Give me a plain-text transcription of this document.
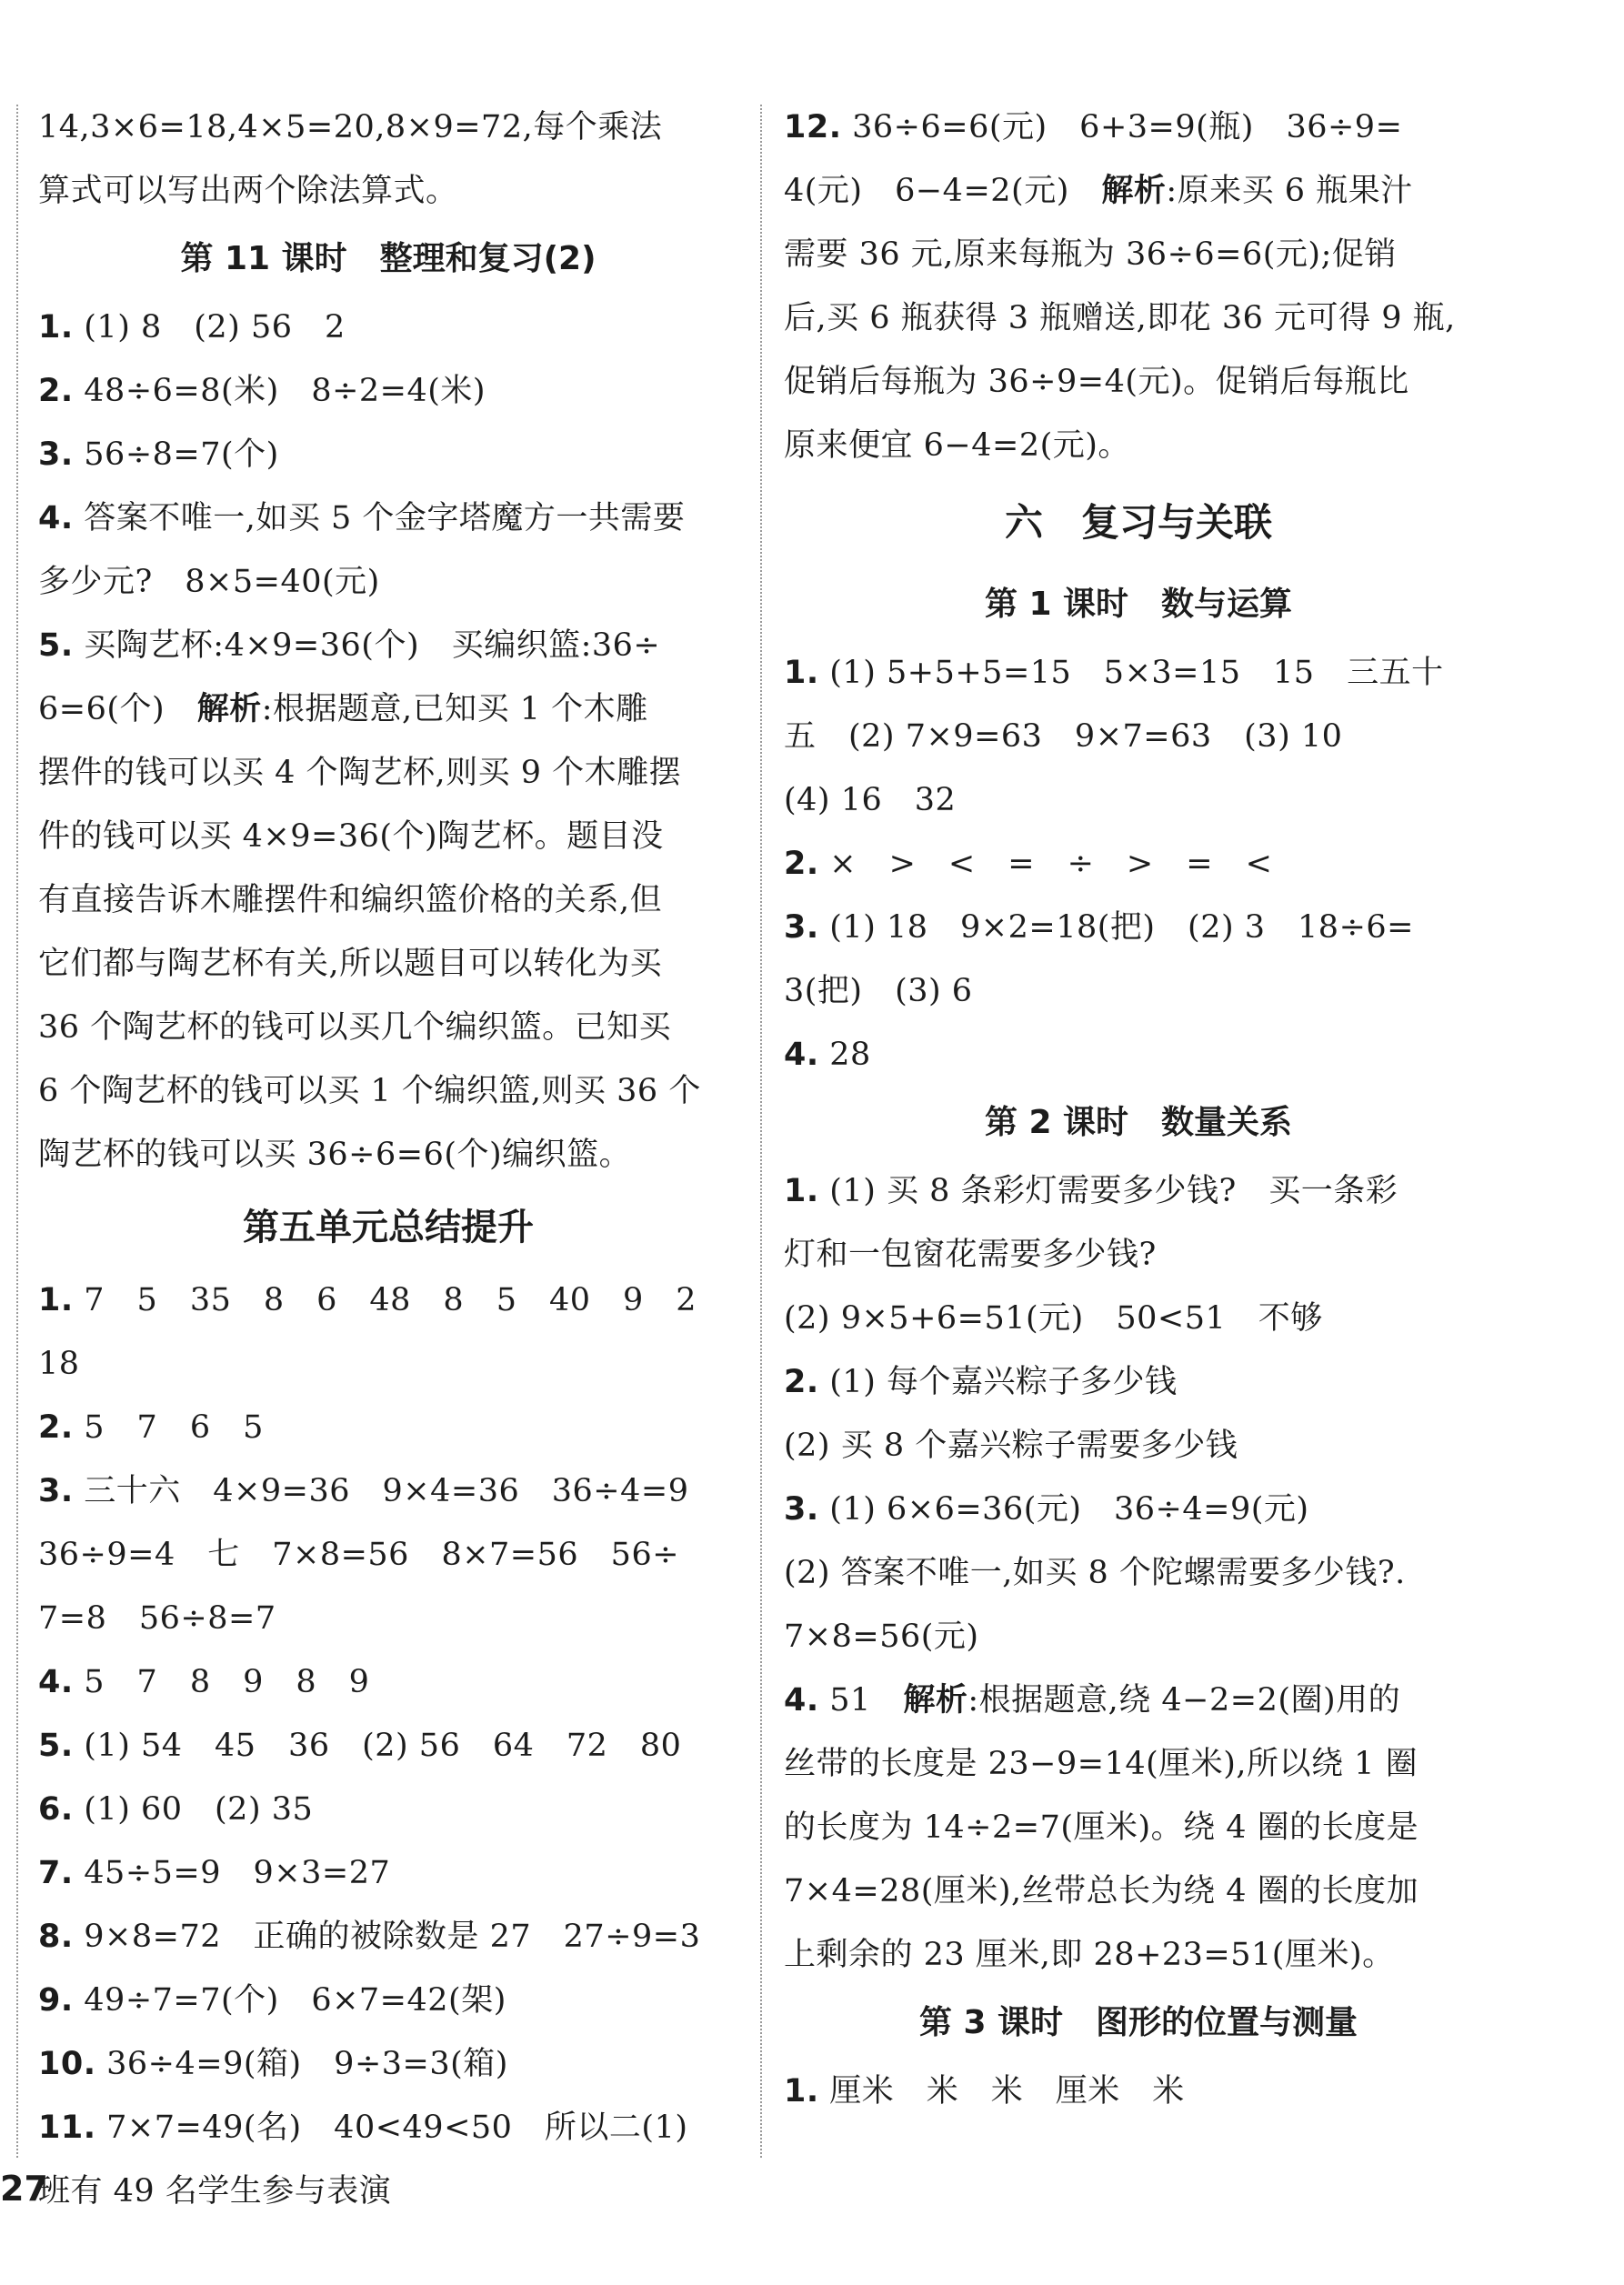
14,3×6=18,4×5=20,8×9=72,每个乘法
算式可以写出两个除法算式。
第 11 课时　整理和复习(2)
1. (1) 8　(2) 56　2
2. 48÷6=8(米)　8÷2=4(米)
3. 56÷8=7(个)
4. 答案不唯一,如买 5 个金字塔魔方一共需要
多少元?　8×5=40(元)
5. 买陶艺杯:4×9=36(个)　买编织篮:36÷
6=6(个)　解析:根据题意,已知买 1 个木雕
摆件的钱可以买 4 个陶艺杯,则买 9 个木雕摆
件的钱可以买 4×9=36(个)陶艺杯。题目没
有直接告诉木雕摆件和编织篮价格的关系,但
它们都与陶艺杯有关,所以题目可以转化为买
36 个陶艺杯的钱可以买几个编织篮。已知买
6 个陶艺杯的钱可以买 1 个编织篮,则买 36 个
陶艺杯的钱可以买 36÷6=6(个)编织篮。
第五单元总结提升
1. 7　5　35　8　6　48　8　5　40　9　2
18
2. 5　7　6　5
3. 三十六　4×9=36　9×4=36　36÷4=9
36÷9=4　七　7×8=56　8×7=56　56÷
7=8　56÷8=7
4. 5　7　8　9　8　9
5. (1) 54　45　36　(2) 56　64　72　80
6. (1) 60　(2) 35
7. 45÷5=9　9×3=27
8. 9×8=72　正确的被除数是 27　27÷9=3
9. 49÷7=7(个)　6×7=42(架)
10. 36÷4=9(箱)　9÷3=3(箱)
11. 7×7=49(名)　40<49<50　所以二(1)
班有 49 名学生参与表演
12. 36÷6=6(元)　6+3=9(瓶)　36÷9=
4(元)　6−4=2(元)　解析:原来买 6 瓶果汁
需要 36 元,原来每瓶为 36÷6=6(元);促销
后,买 6 瓶获得 3 瓶赠送,即花 36 元可得 9 瓶,
促销后每瓶为 36÷9=4(元)。促销后每瓶比
原来便宜 6−4=2(元)。
六　复习与关联
第 1 课时　数与运算
1. (1) 5+5+5=15　5×3=15　15　三五十
五　(2) 7×9=63　9×7=63　(3) 10
(4) 16　32
2. ×　>　<　=　÷　>　=　<
3. (1) 18　9×2=18(把)　(2) 3　18÷6=
3(把)　(3) 6
4. 28
第 2 课时　数量关系
1. (1) 买 8 条彩灯需要多少钱?　买一条彩
灯和一包窗花需要多少钱?
(2) 9×5+6=51(元)　50<51　不够
2. (1) 每个嘉兴粽子多少钱
(2) 买 8 个嘉兴粽子需要多少钱
3. (1) 6×6=36(元)　36÷4=9(元)
(2) 答案不唯一,如买 8 个陀螺需要多少钱?.
7×8=56(元)
4. 51　解析:根据题意,绕 4−2=2(圈)用的
丝带的长度是 23−9=14(厘米),所以绕 1 圈
的长度为 14÷2=7(厘米)。绕 4 圈的长度是
7×4=28(厘米),丝带总长为绕 4 圈的长度加
上剩余的 23 厘米,即 28+23=51(厘米)。
第 3 课时　图形的位置与测量
1. 厘米　米　米　厘米　米
27
